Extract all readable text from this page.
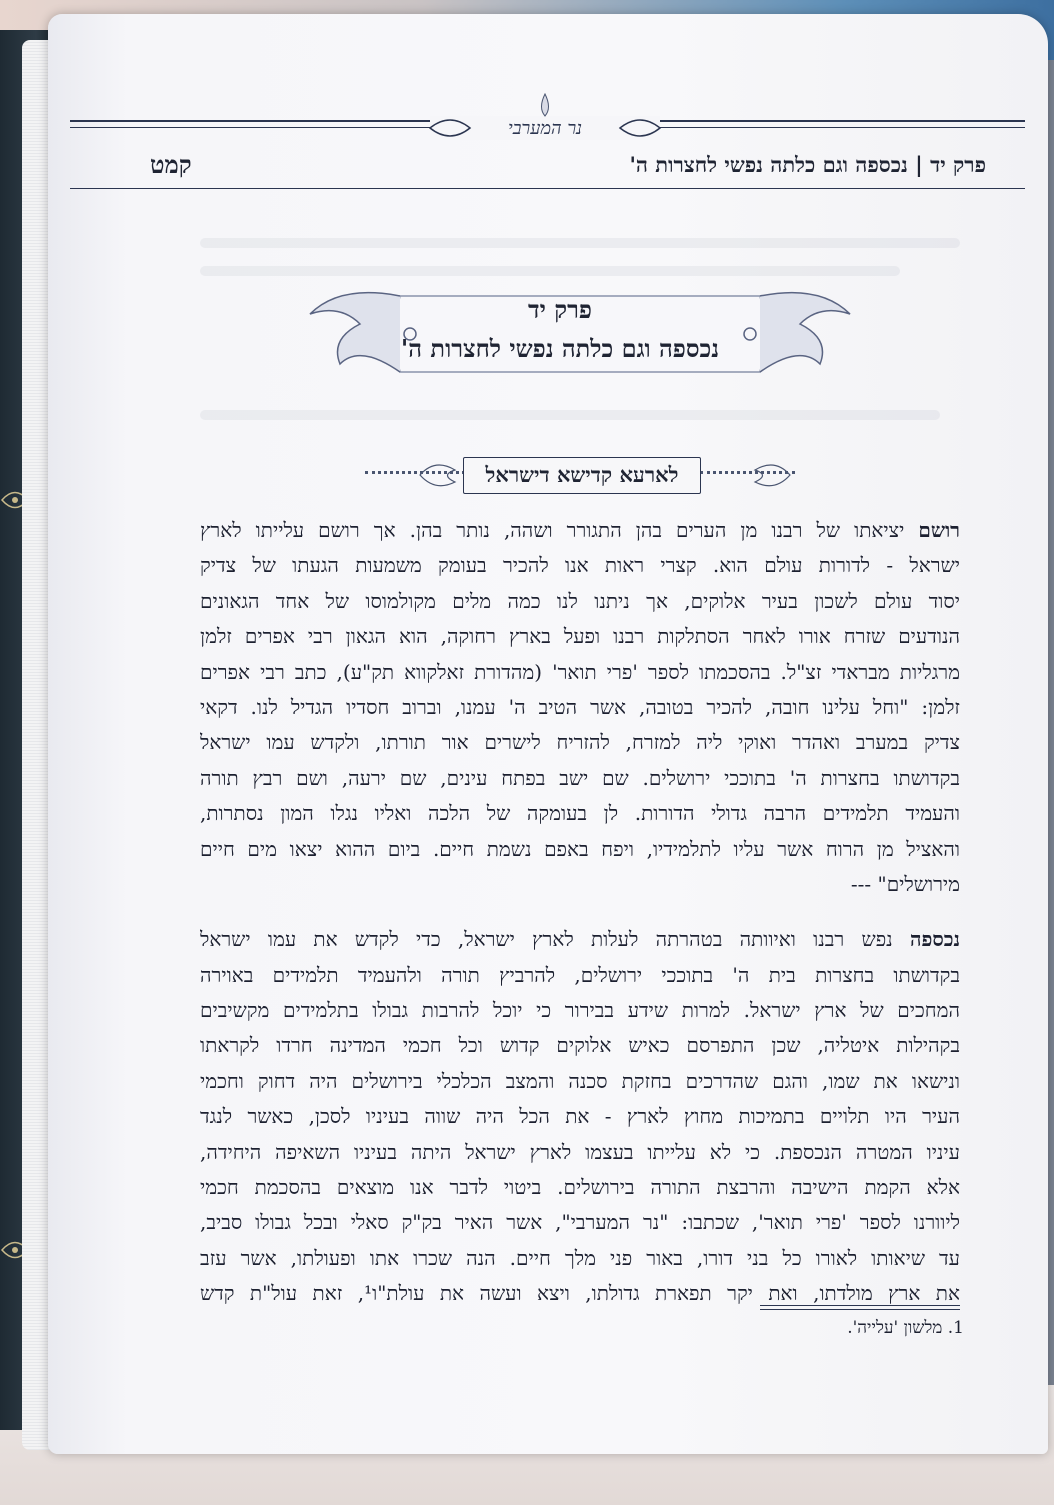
נר המערבי
קמט	פרק יד | נכספה וגם כלתה נפשי לחצרות ה'
פרק יד
נכספה וגם כלתה נפשי לחצרות ה'
לארעא קדישא דישראל
רושם יציאתו של רבנו מן הערים בהן התגורר ושהה, נותר בהן. אך רושם עלייתו לארץ
ישראל - לדורות עולם הוא. קצרי ראות אנו להכיר בעומק משמעות הגעתו של צדיק
יסוד עולם לשכון בעיר אלוקים, אך ניתנו לנו כמה מלים מקולמוסו של אחד הגאונים
הנודעים שזרח אורו לאחר הסתלקות רבנו ופעל בארץ רחוקה, הוא הגאון רבי אפרים זלמן
מרגליות מבראדי זצ"ל. בהסכמתו לספר 'פרי תואר' (מהדורת זאלקווא תק"ע), כתב רבי אפרים
זלמן: "וחל עלינו חובה, להכיר בטובה, אשר הטיב ה' עמנו, וברוב חסדיו הגדיל לנו. דקאי
צדיק במערב ואהדר ואוקי ליה למזרח, להזריח לישרים אור תורתו, ולקדש עמו ישראל
בקדושתו בחצרות ה' בתוככי ירושלים. שם ישב בפתח עינים, שם ירעה, ושם רבץ תורה
והעמיד תלמידים הרבה גדולי הדורות. לן בעומקה של הלכה ואליו נגלו המון נסתרות,
והאציל מן הרוח אשר עליו לתלמידיו, ויפח באפם נשמת חיים. ביום ההוא יצאו מים חיים
מירושלים" ---
נכספה נפש רבנו ואיוותה בטהרתה לעלות לארץ ישראל, כדי לקדש את עמו ישראל
בקדושתו בחצרות בית ה' בתוככי ירושלים, להרביץ תורה ולהעמיד תלמידים באוירה
המחכים של ארץ ישראל. למרות שידע בבירור כי יוכל להרבות גבולו בתלמידים מקשיבים
בקהילות איטליה, שכן התפרסם כאיש אלוקים קדוש וכל חכמי המדינה חרדו לקראתו
ונישאו את שמו, והגם שהדרכים בחזקת סכנה והמצב הכלכלי בירושלים היה דחוק וחכמי
העיר היו תלויים בתמיכות מחוץ לארץ - את הכל היה שווה בעיניו לסכן, כאשר לנגד
עיניו המטרה הנכספת. כי לא עלייתו בעצמו לארץ ישראל היתה בעיניו השאיפה היחידה,
אלא הקמת הישיבה והרבצת התורה בירושלים. ביטוי לדבר אנו מוצאים בהסכמת חכמי
ליוורנו לספר 'פרי תואר', שכתבו: "נר המערבי", אשר האיר בק"ק סאלי ובכל גבולו סביב,
עד שיאותו לאורו כל בני דורו, באור פני מלך חיים. הנה שכרו אתו ופעולתו, אשר עזב
את ארץ מולדתו, ואת יקר תפארת גדולתו, ויצא ועשה את עולת"ו¹, זאת עול"ת קדש
1. מלשון 'עלייה'.
